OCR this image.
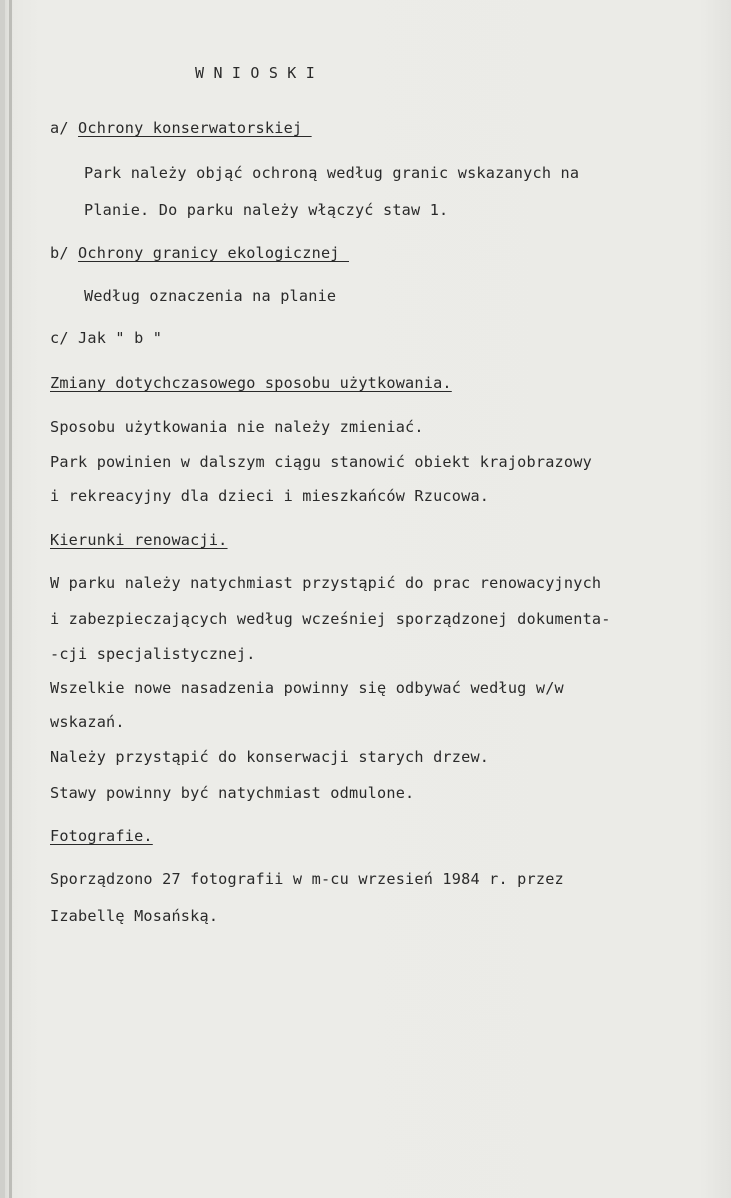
W N I O S K I
a/ Ochrony konserwatorskiej
Park należy objąć ochroną według granic wskazanych na
Planie. Do parku należy włączyć staw 1.
b/ Ochrony granicy ekologicznej
Według oznaczenia na planie
c/ Jak " b "
Zmiany dotychczasowego sposobu użytkowania.
Sposobu użytkowania nie należy zmieniać.
Park powinien w dalszym ciągu stanowić obiekt krajobrazowy
i rekreacyjny dla dzieci i mieszkańców Rzucowa.
Kierunki renowacji.
W parku należy natychmiast przystąpić do prac renowacyjnych
i zabezpieczających według wcześniej sporządzonej dokumenta-
-cji specjalistycznej.
Wszelkie nowe nasadzenia powinny się odbywać według w/w
wskazań.
Należy przystąpić do konserwacji starych drzew.
Stawy powinny być natychmiast odmulone.
Fotografie.
Sporządzono 27 fotografii w m-cu wrzesień 1984 r. przez
Izabellę Mosańską.
